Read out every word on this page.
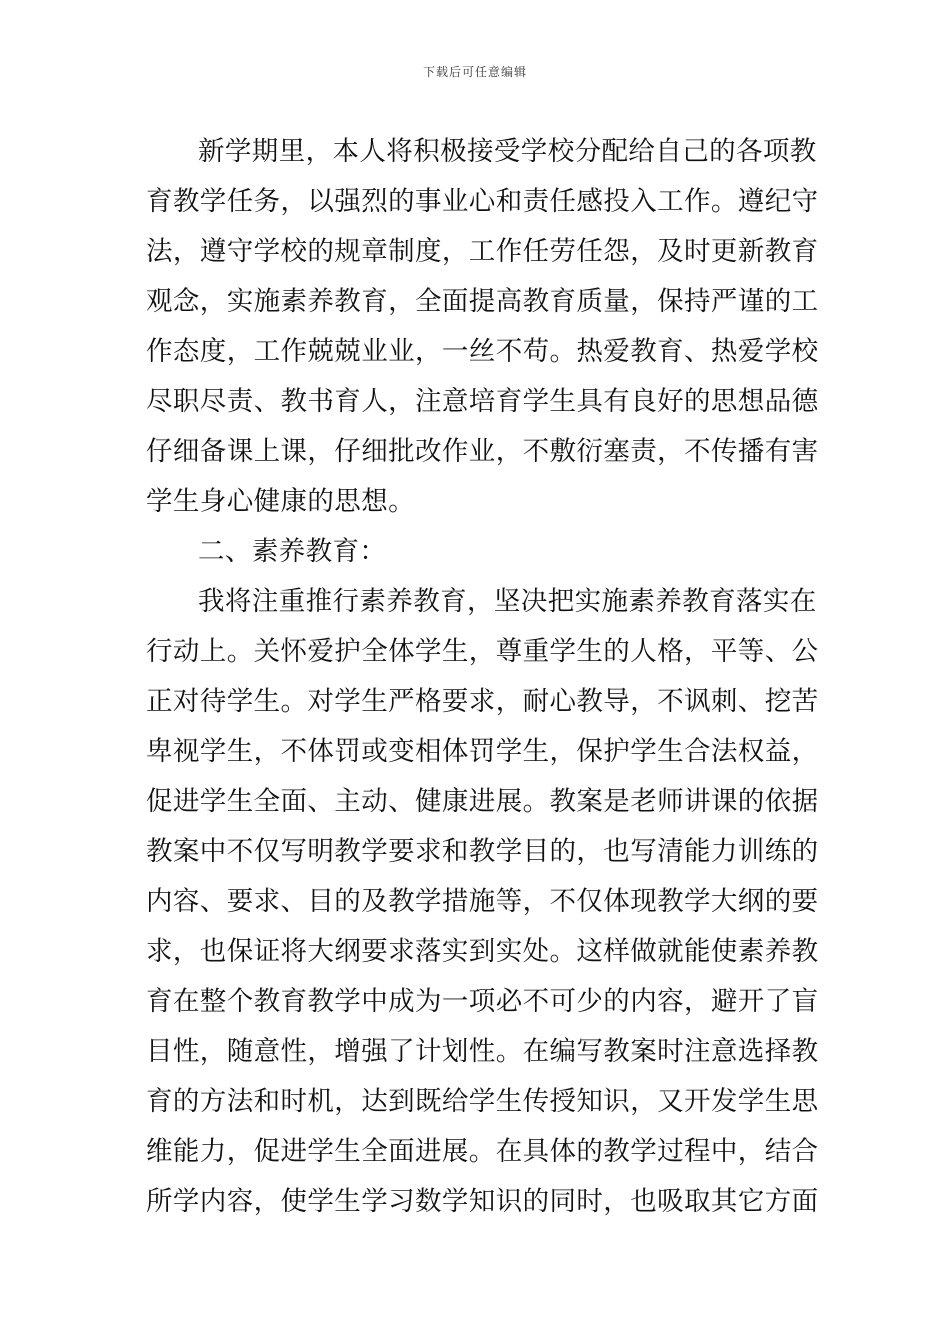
下载后可任意编辑
新学期里，本人将积极接受学校分配给自己的各项教
育教学任务，以强烈的事业心和责任感投入工作。遵纪守
法，遵守学校的规章制度，工作任劳任怨，及时更新教育
观念，实施素养教育，全面提高教育质量，保持严谨的工
作态度，工作兢兢业业，一丝不苟。热爱教育、热爱学校
尽职尽责、教书育人，注意培育学生具有良好的思想品德
仔细备课上课，仔细批改作业，不敷衍塞责，不传播有害
学生身心健康的思想。
二、素养教育：
我将注重推行素养教育，坚决把实施素养教育落实在
行动上。关怀爱护全体学生，尊重学生的人格，平等、公
正对待学生。对学生严格要求，耐心教导，不讽刺、挖苦
卑视学生，不体罚或变相体罚学生，保护学生合法权益，
促进学生全面、主动、健康进展。教案是老师讲课的依据
教案中不仅写明教学要求和教学目的，也写清能力训练的
内容、要求、目的及教学措施等，不仅体现教学大纲的要
求，也保证将大纲要求落实到实处。这样做就能使素养教
育在整个教育教学中成为一项必不可少的内容，避开了盲
目性，随意性，增强了计划性。在编写教案时注意选择教
育的方法和时机，达到既给学生传授知识，又开发学生思
维能力，促进学生全面进展。在具体的教学过程中，结合
所学内容，使学生学习数学知识的同时，也吸取其它方面
